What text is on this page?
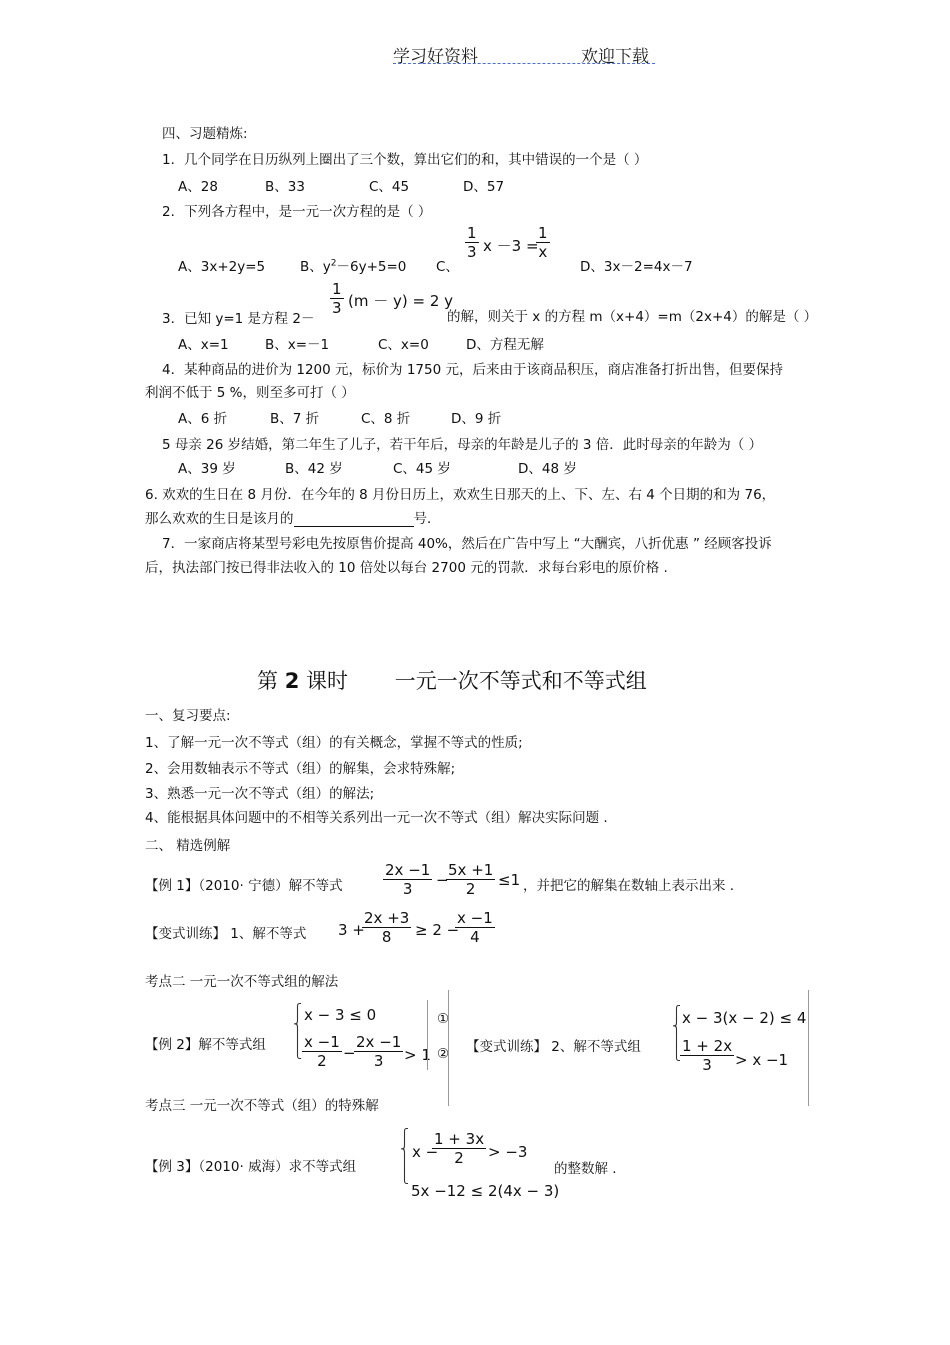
学习好资料	欢迎下载
四、习题精炼:
1．几个同学在日历纵列上圈出了三个数，算出它们的和，其中错误的一个是（ ）
A、28	B、33	C、45	D、57
2．下列各方程中，是一元一次方程的是（ ）
A、3x+2y=5	B、$y^2-6y+5=0$ C、
$\frac{1}{3}$ x －3 =
$\frac{1}{x}$
D、3x－2=4x－7
3．已知 y=1 是方程 2－
$\frac{1}{3} (m - y) = 2$ y
的解，则关于 x 的方程 m（x+4）=m（2x+4）的解是（ ）
A、x=1	B、x=－1	C、x=0	D、方程无解
4．某种商品的进价为 1200 元，标价为 1750 元，后来由于该商品积压，商店准备打折出售，但要保持
利润不低于 5 %，则至多可打（ ）
A、6 折	B、7 折	C、8 折	D、9 折
5 母亲 26 岁结婚，第二年生了儿子，若干年后，母亲的年龄是儿子的 3 倍．此时母亲的年龄为（ ）
A、39 岁	B、42 岁	C、45 岁	D、48 岁
6. 欢欢的生日在 8 月份．在今年的 8 月份日历上，欢欢生日那天的上、下、左、右 4 个日期的和为 76，
那么欢欢的生日是该月的	号．
7．一家商店将某型号彩电先按原售价提高 40%，然后在广告中写上 “大酬宾，八折优惠 ” 经顾客投诉
后，执法部门按已得非法收入的 10 倍处以每台 2700 元的罚款．求每台彩电的原价格 .
第 2 课时 一元一次不等式和不等式组
一、复习要点:
1、了解一元一次不等式（组）的有关概念，掌握不等式的性质;
2、会用数轴表示不等式（组）的解集，会求特殊解;
3、熟悉一元一次不等式（组）的解法;
4、能根据具体问题中的不相等关系列出一元一次不等式（组）解决实际问题 .
二、 精选例解
【例 1】（2010· 宁德）解不等式	$\frac{2x -1}{3}$ −
$\frac{5x +1}{2} \le 1$ ，并把它的解集在数轴上表示出来 .
【变式训练】 1、解不等式 3 +
$\frac{2x +3}{8} \ge 2$ −
$\frac{x -1}{4}$
考点二 一元一次不等式组的解法
【例 2】解不等式组
⎧
⎨
⎪
⎩
x − 3 ≤ 0
$\frac{x -1}{2}$ −
$\frac{2x -1}{3} > 1$
①
② 【变式训练】 2、解不等式组
⎧
⎨
⎪
⎩
x − 3(x − 2) ≤ 4
$\frac{1 + 2x}{3} > x -1$
考点三 一元一次不等式（组）的特殊解
【例 3】（2010· 威海）求不等式组
⎧
⎨
⎪
⎩
x −
$\frac{1 + 3x}{2} > -3$
5x −12 ≤ 2(4x − 3)
的整数解 .
